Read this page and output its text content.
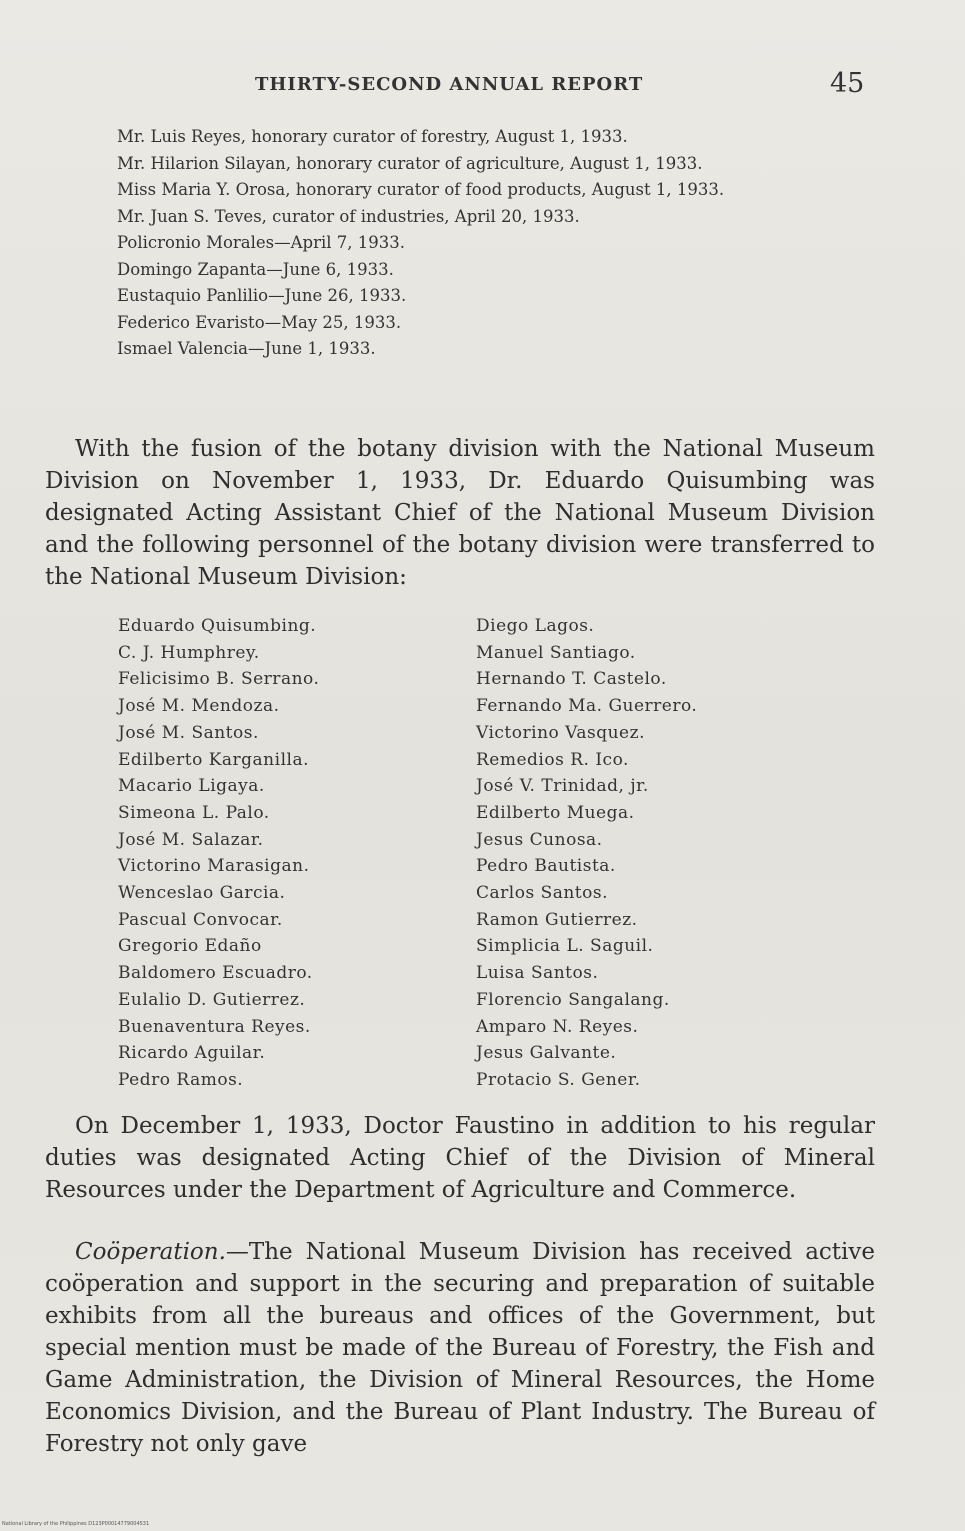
THIRTY-SECOND ANNUAL REPORT	45
Mr. Luis Reyes, honorary curator of forestry, August 1, 1933.
Mr. Hilarion Silayan, honorary curator of agriculture, August 1, 1933.
Miss Maria Y. Orosa, honorary curator of food products, August 1, 1933.
Mr. Juan S. Teves, curator of industries, April 20, 1933.
Policronio Morales—April 7, 1933.
Domingo Zapanta—June 6, 1933.
Eustaquio Panlilio—June 26, 1933.
Federico Evaristo—May 25, 1933.
Ismael Valencia—June 1, 1933.
With the fusion of the botany division with the National Museum Division on November 1, 1933, Dr. Eduardo Quisumbing was designated Acting Assistant Chief of the National Museum Division and the following personnel of the botany division were transferred to the National Museum Division:
Eduardo Quisumbing.
C. J. Humphrey.
Felicisimo B. Serrano.
José M. Mendoza.
José M. Santos.
Edilberto Karganilla.
Macario Ligaya.
Simeona L. Palo.
José M. Salazar.
Victorino Marasigan.
Wenceslao Garcia.
Pascual Convocar.
Gregorio Edaño
Baldomero Escuadro.
Eulalio D. Gutierrez.
Buenaventura Reyes.
Ricardo Aguilar.
Pedro Ramos.
Diego Lagos.
Manuel Santiago.
Hernando T. Castelo.
Fernando Ma. Guerrero.
Victorino Vasquez.
Remedios R. Ico.
José V. Trinidad, jr.
Edilberto Muega.
Jesus Cunosa.
Pedro Bautista.
Carlos Santos.
Ramon Gutierrez.
Simplicia L. Saguil.
Luisa Santos.
Florencio Sangalang.
Amparo N. Reyes.
Jesus Galvante.
Protacio S. Gener.
On December 1, 1933, Doctor Faustino in addition to his regular duties was designated Acting Chief of the Division of Mineral Resources under the Department of Agriculture and Commerce.
Coöperation.—The National Museum Division has received active coöperation and support in the securing and preparation of suitable exhibits from all the bureaus and offices of the Government, but special mention must be made of the Bureau of Forestry, the Fish and Game Administration, the Division of Mineral Resources, the Home Economics Division, and the Bureau of Plant Industry. The Bureau of Forestry not only gave
National Library of the Philippines D123P00014779004531
